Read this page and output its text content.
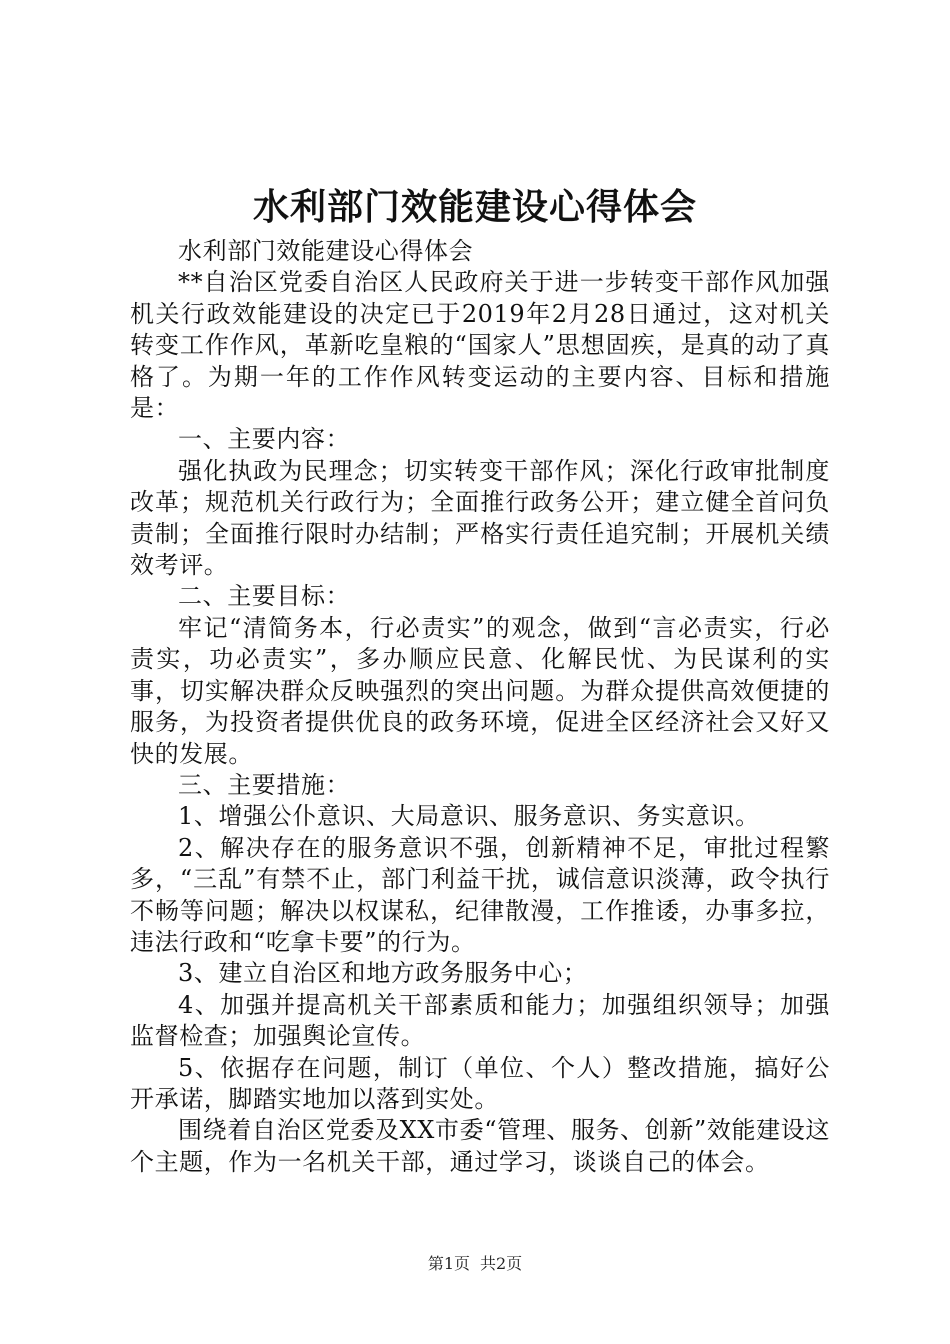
水利部门效能建设心得体会

水利部门效能建设心得体会

**自治区党委自治区人民政府关于进一步转变干部作风加强机关行政效能建设的决定已于2019年2月28日通过，这对机关转变工作作风，革新吃皇粮的“国家人”思想固疾，是真的动了真格了。为期一年的工作作风转变运动的主要内容、目标和措施是：

一、主要内容：

强化执政为民理念；切实转变干部作风；深化行政审批制度改革；规范机关行政行为；全面推行政务公开；建立健全首问负责制；全面推行限时办结制；严格实行责任追究制；开展机关绩效考评。

二、主要目标：

牢记“清简务本，行必责实”的观念，做到“言必责实，行必责实，功必责实”，多办顺应民意、化解民忧、为民谋利的实事，切实解决群众反映强烈的突出问题。为群众提供高效便捷的服务，为投资者提供优良的政务环境，促进全区经济社会又好又快的发展。

三、主要措施：

1、增强公仆意识、大局意识、服务意识、务实意识。

2、解决存在的服务意识不强，创新精神不足，审批过程繁多，“三乱”有禁不止，部门利益干扰，诚信意识淡薄，政令执行不畅等问题；解决以权谋私，纪律散漫，工作推诿，办事多拉，违法行政和“吃拿卡要”的行为。

3、建立自治区和地方政务服务中心；

4、加强并提高机关干部素质和能力；加强组织领导；加强监督检查；加强舆论宣传。

5、依据存在问题，制订（单位、个人）整改措施，搞好公开承诺，脚踏实地加以落到实处。

围绕着自治区党委及XX市委“管理、服务、创新”效能建设这个主题，作为一名机关干部，通过学习，谈谈自己的体会。

第1页 共2页
